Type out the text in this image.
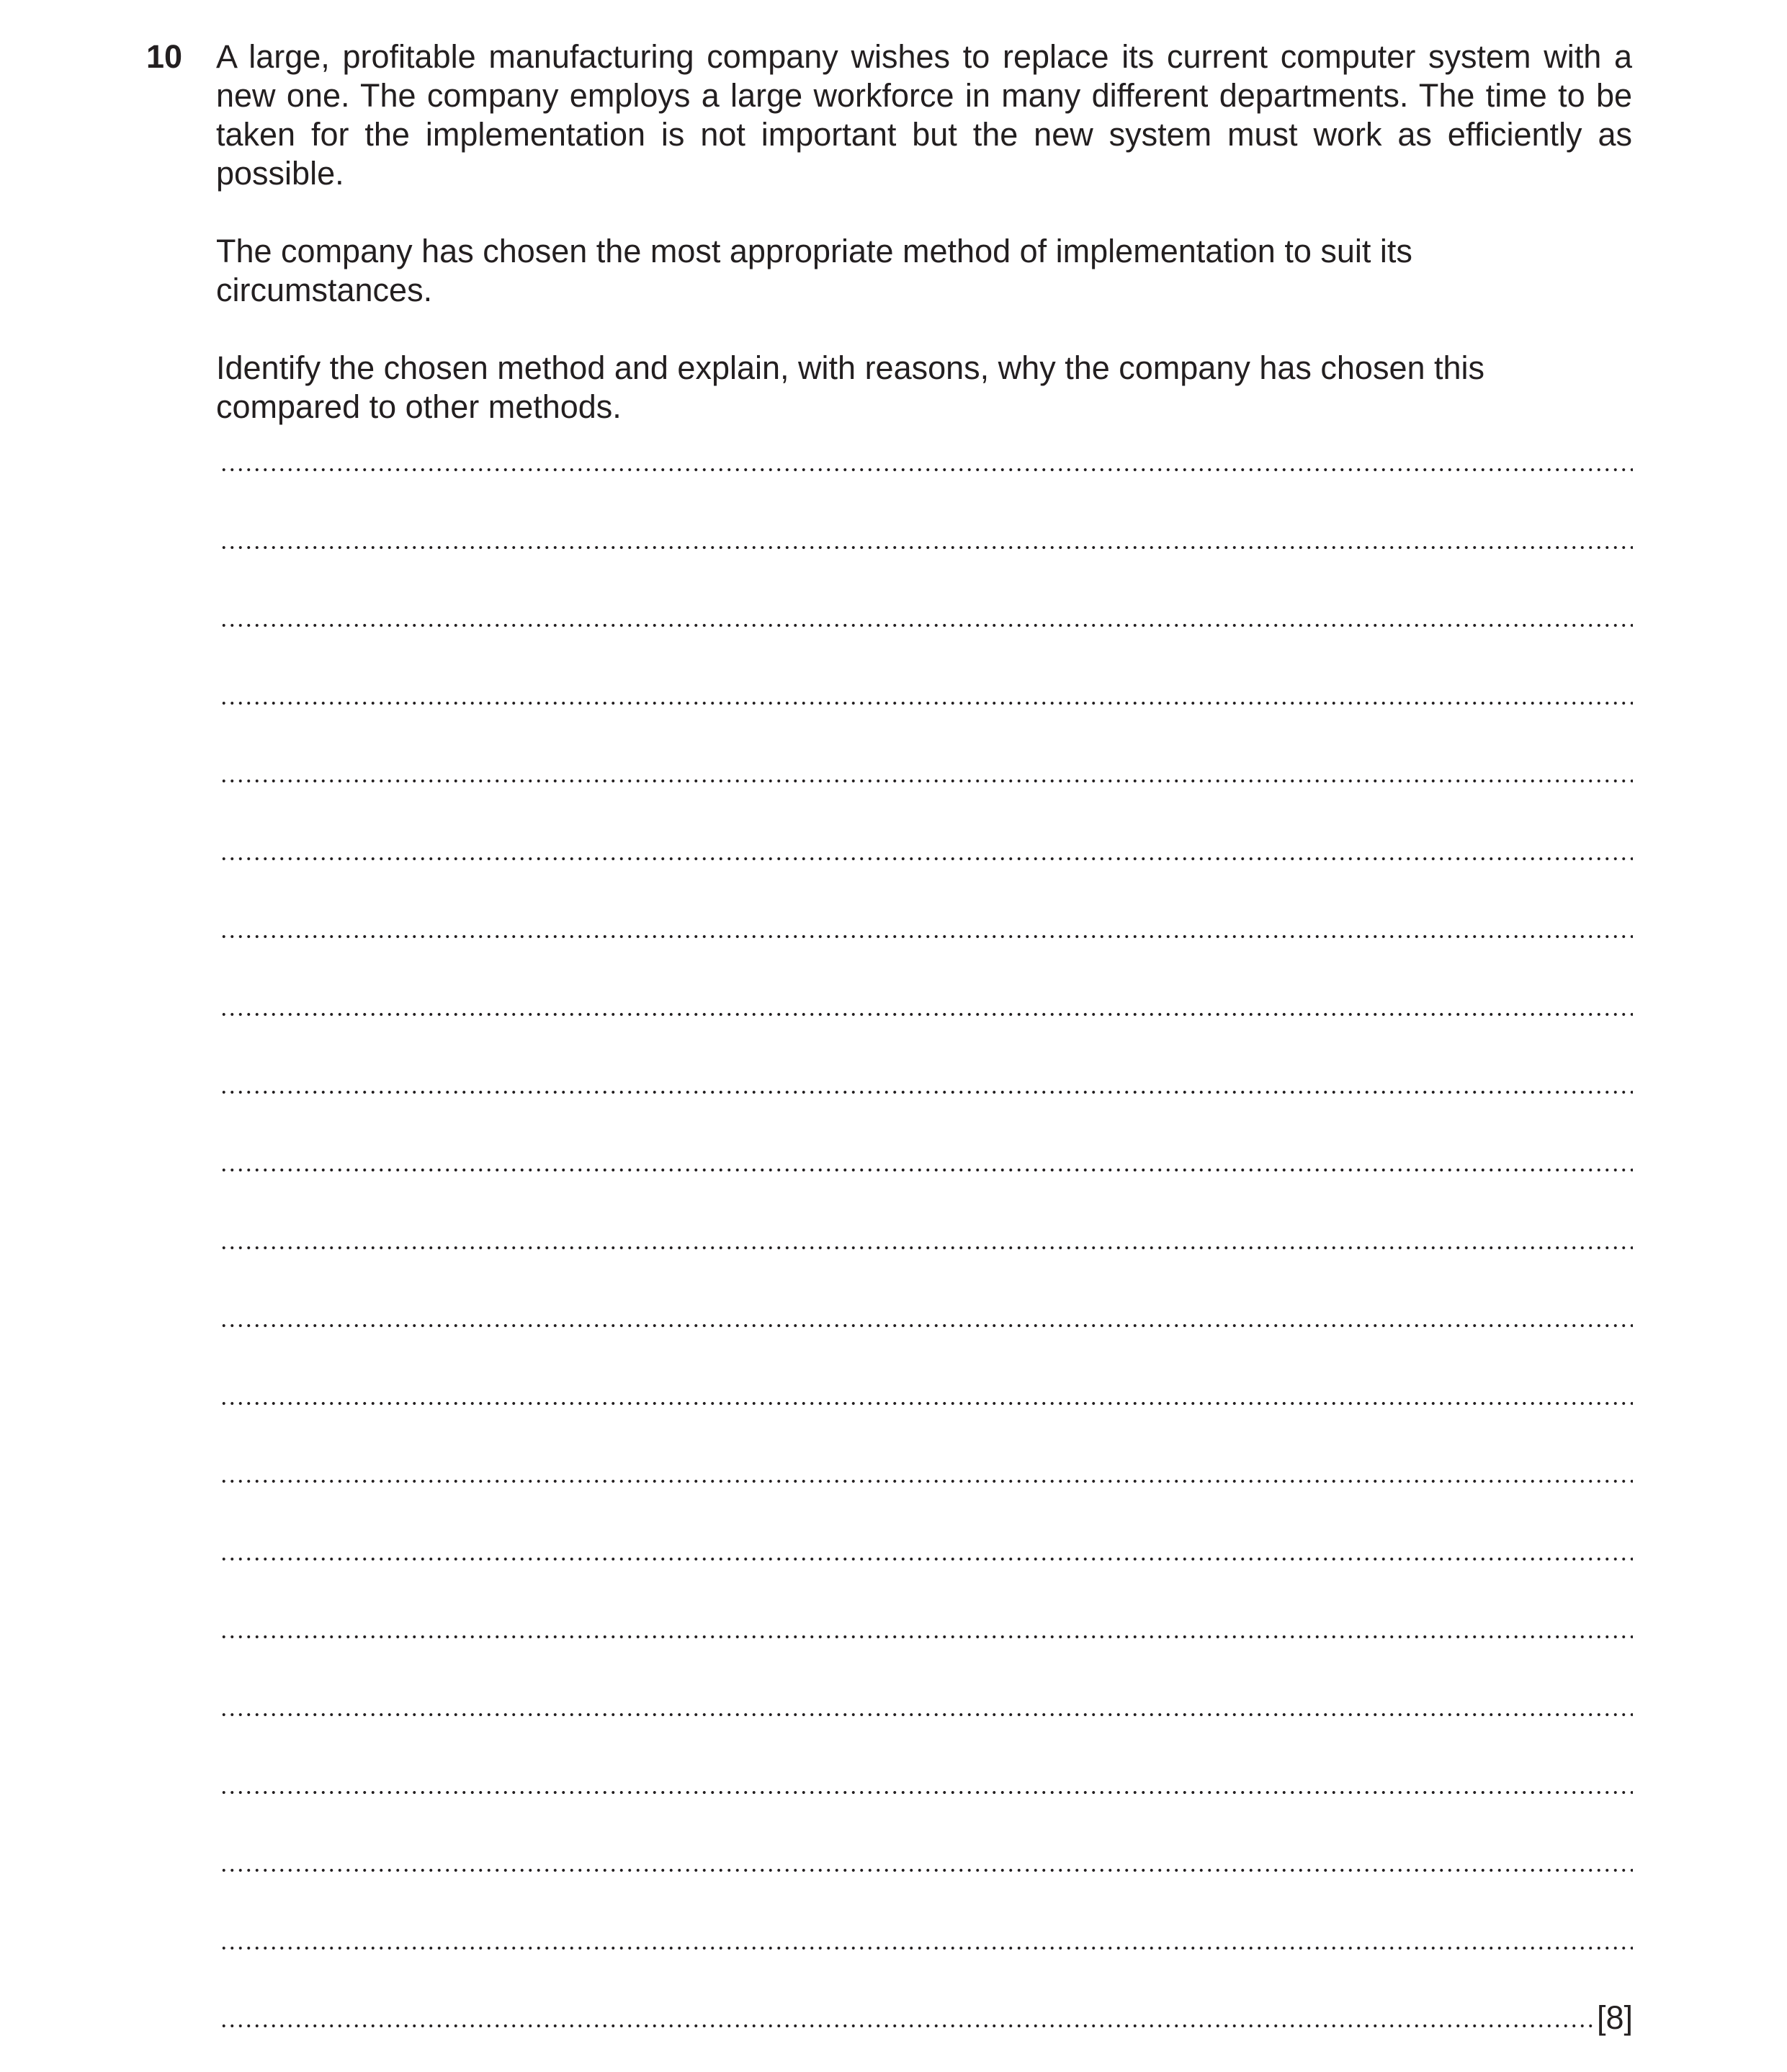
10 A large, profitable manufacturing company wishes to replace its current computer system with a new one. The company employs a large workforce in many different departments. The time to be taken for the implementation is not important but the new system must work as efficiently as possible.

The company has chosen the most appropriate method of implementation to suit its circumstances.

Identify the chosen method and explain, with reasons, why the company has chosen this compared to other methods.

[8]
